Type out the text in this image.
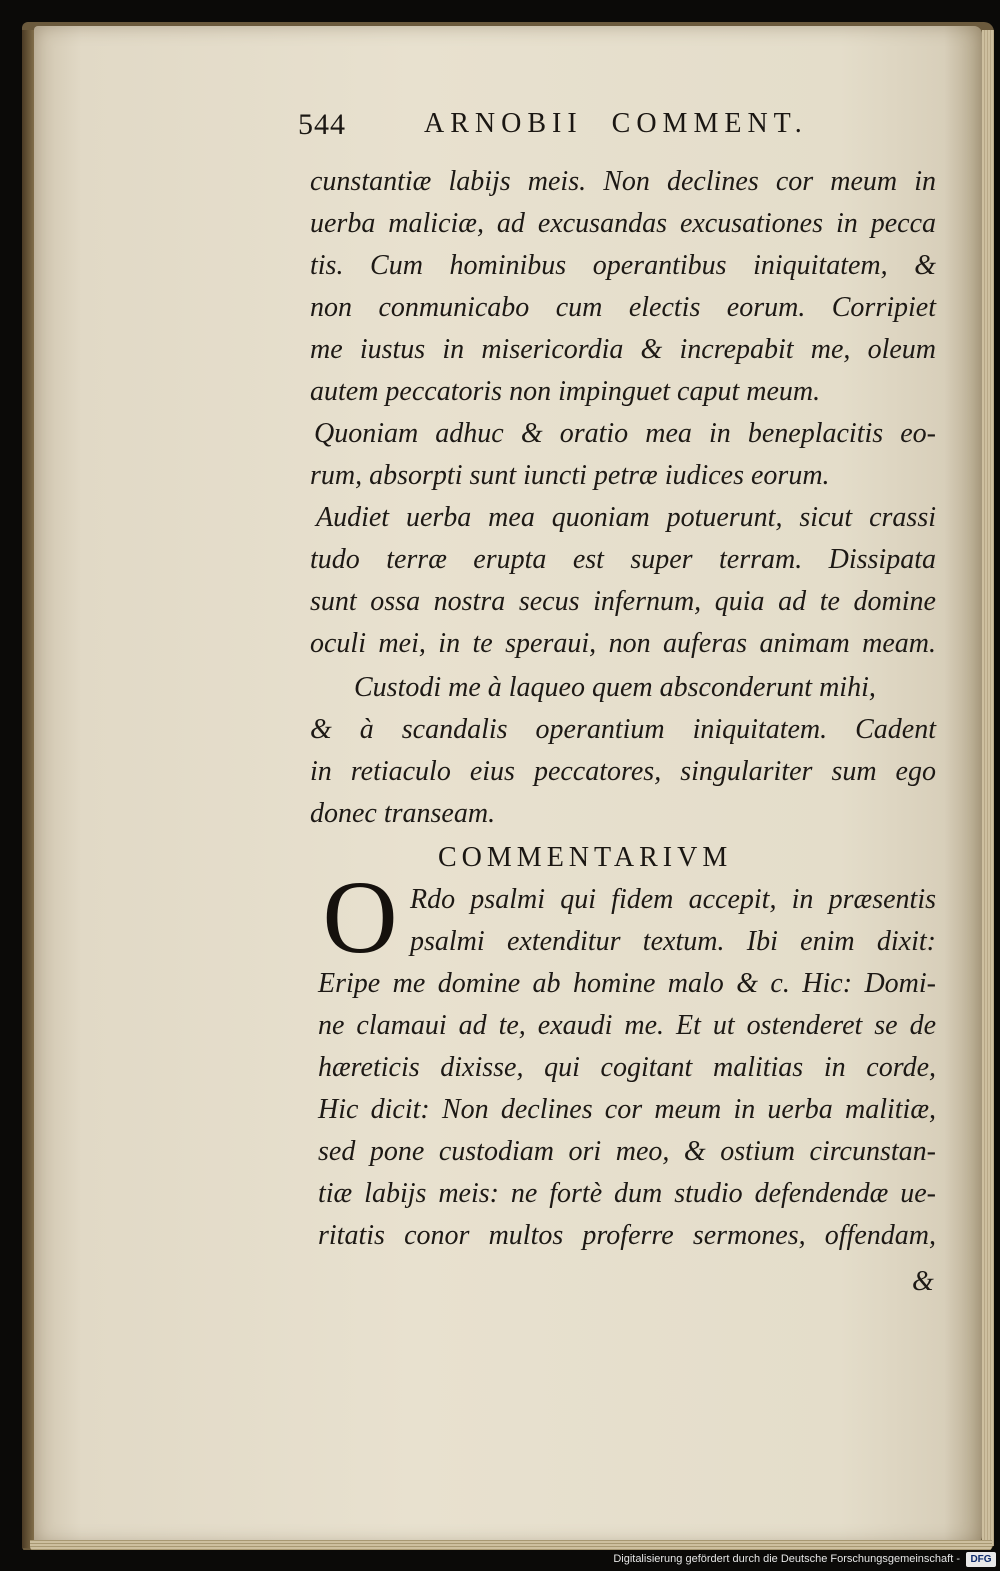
544	ARNOBII COMMENT.
cunstantiæ labijs meis. Non declines cor meum in
uerba maliciæ, ad excusandas excusationes in pecca
tis. Cum hominibus operantibus iniquitatem, &
non conmunicabo cum electis eorum. Corripiet
me iustus in misericordia & increpabit me, oleum
autem peccatoris non impinguet caput meum.
Quoniam adhuc & oratio mea in beneplacitis eo-
rum, absorpti sunt iuncti petræ iudices eorum.
Audiet uerba mea quoniam potuerunt, sicut crassi
tudo terræ erupta est super terram. Dissipata
sunt ossa nostra secus infernum, quia ad te domine
oculi mei, in te speraui, non auferas animam meam.
Custodi me à laqueo quem absconderunt mihi,
& à scandalis operantium iniquitatem. Cadent
in retiaculo eius peccatores, singulariter sum ego
donec transeam.
COMMENTARIVM
O Rdo psalmi qui fidem accepit, in præsentis
psalmi extenditur textum. Ibi enim dixit:
Eripe me domine ab homine malo & c. Hic: Domi-
ne clamaui ad te, exaudi me. Et ut ostenderet se de
hæreticis dixisse, qui cogitant malitias in corde,
Hic dicit: Non declines cor meum in uerba malitiæ,
sed pone custodiam ori meo, & ostium circunstan-
tiæ labijs meis: ne fortè dum studio defendendæ ue-
ritatis conor multos proferre sermones, offendam,
&
Digitalisierung gefördert durch die Deutsche Forschungsgemeinschaft -	DFG
